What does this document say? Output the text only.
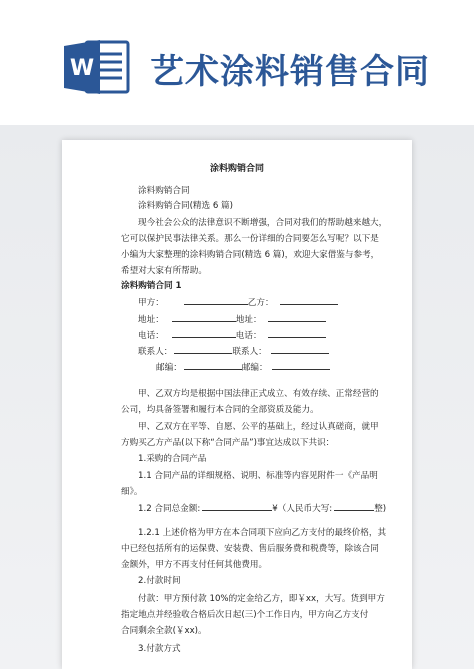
W 艺术涂料销售合同
涂料购销合同
涂料购销合同
涂料购销合同(精选 6 篇)
现今社会公众的法律意识不断增强，合同对我们的帮助越来越大，
它可以保护民事法律关系。那么一份详细的合同要怎么写呢？以下是
小编为大家整理的涂料购销合同(精选 6 篇)，欢迎大家借鉴与参考，
希望对大家有所帮助。
涂料购销合同 1
甲方：	乙方：
地址：	地址：
电话：	电话：
联系人：	联系人：
邮编：	邮编：
甲、乙双方均是根据中国法律正式成立、有效存续、正常经营的
公司，均具备签署和履行本合同的全部资质及能力。
甲、乙双方在平等、自愿、公平的基础上，经过认真磋商，就甲
方购买乙方产品(以下称“合同产品”)事宜达成以下共识：
1.采购的合同产品
1.1 合同产品的详细规格、说明、标准等内容见附件一《产品明
细》。
1.2 合同总金额:	¥（人民币大写:	整)
1.2.1 上述价格为甲方在本合同项下应向乙方支付的最终价格，其
中已经包括所有的运保费、安装费、售后服务费和税费等，除该合同
金额外，甲方不再支付任何其他费用。
2.付款时间
付款：甲方预付款 10%的定金给乙方，即￥xx，大写。货到甲方
指定地点并经验收合格后次日起(三)个工作日内，甲方向乙方支付
合同剩余全款(￥xx)。
3.付款方式
